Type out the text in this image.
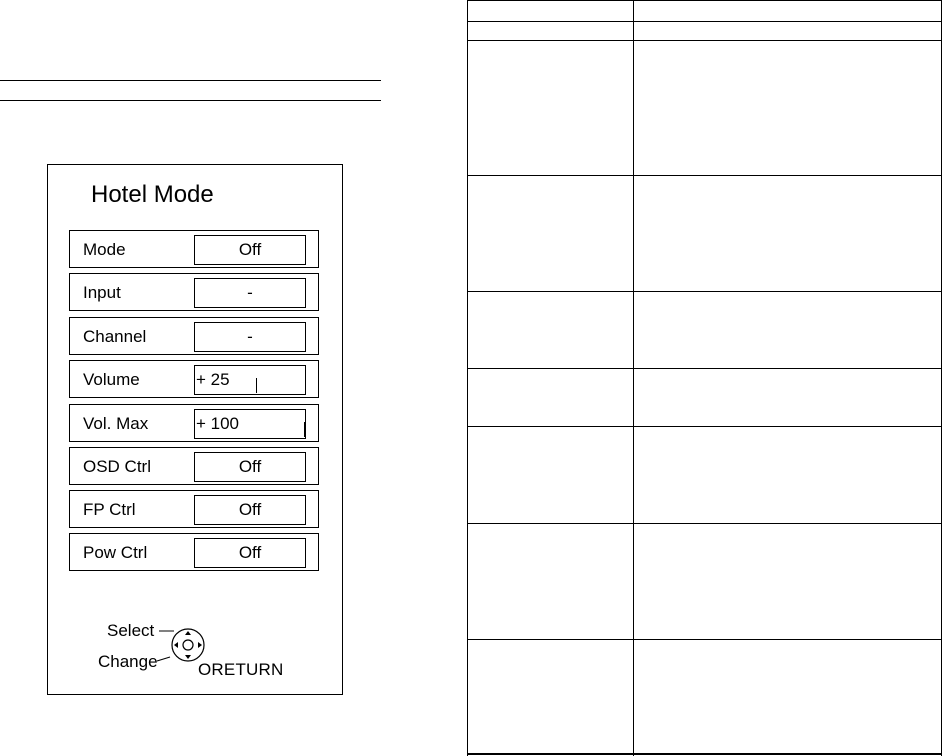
Hotel Mode
Mode	Off
Input	-
Channel	-
Volume	+ 25
Vol. Max	+ 100
OSD Ctrl	Off
FP Ctrl	Off
Pow Ctrl	Off
Select
Change ORETURN
